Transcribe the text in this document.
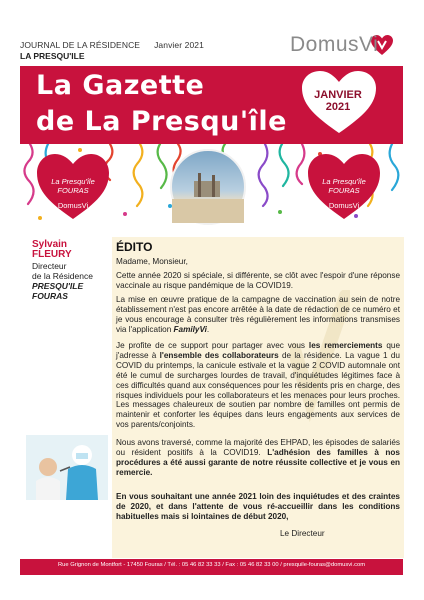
JOURNAL DE LA RÉSIDENCE Janvier 2021
LA PRESQU'ILE	DomusVi
La Gazette
de La Presqu'île
JANVIER
2021
La Presqu'île
FOURAS
DomusVi
La Presqu'île
FOURAS
DomusVi
Sylvain
FLEURY
Directeur
de la Résidence
PRESQU'ILE
FOURAS
ÉDITO

Madame, Monsieur,

Cette année 2020 si spéciale, si différente, se clôt avec l'espoir d'une réponse vaccinale au risque pandémique de la COVID19.

La mise en œuvre pratique de la campagne de vaccination au sein de notre établissement n'est pas encore arrêtée à la date de rédaction de ce numéro et je vous encourage à consulter très régulièrement les informations transmises via l'application FamilyVi.

Je profite de ce support pour partager avec vous les remerciements que j'adresse à l'ensemble des collaborateurs de la résidence. La vague 1 du COVID du printemps, la canicule estivale et la vague 2 COVID automnale ont été le cumul de surcharges lourdes de travail, d'inquiétudes légitimes face à ces difficultés quand aux conséquences pour les résidents pris en charge, des risques individuels pour les collaborateurs et les menaces pour leurs proches. Les messages chaleureux de soutien par nombre de familles ont permis de maintenir et conforter les équipes dans leurs engagements aux services de vos parents/conjoints.

Nous avons traversé, comme la majorité des EHPAD, les épisodes de salariés ou résident positifs à la COVID19. L'adhésion des familles à nos procédures a été aussi garante de notre réussite collective et je vous en remercie.

En vous souhaitant une année 2021 loin des inquiétudes et des craintes de 2020, et dans l'attente de vous ré-accueillir dans les conditions habituelles mais si lointaines de début 2020,

Le Directeur
Rue Grignon de Montfort - 17450 Fouras / Tél. : 05 46 82 33 33 / Fax : 05 46 82 33 00 / presquile-fouras@domusvi.com
